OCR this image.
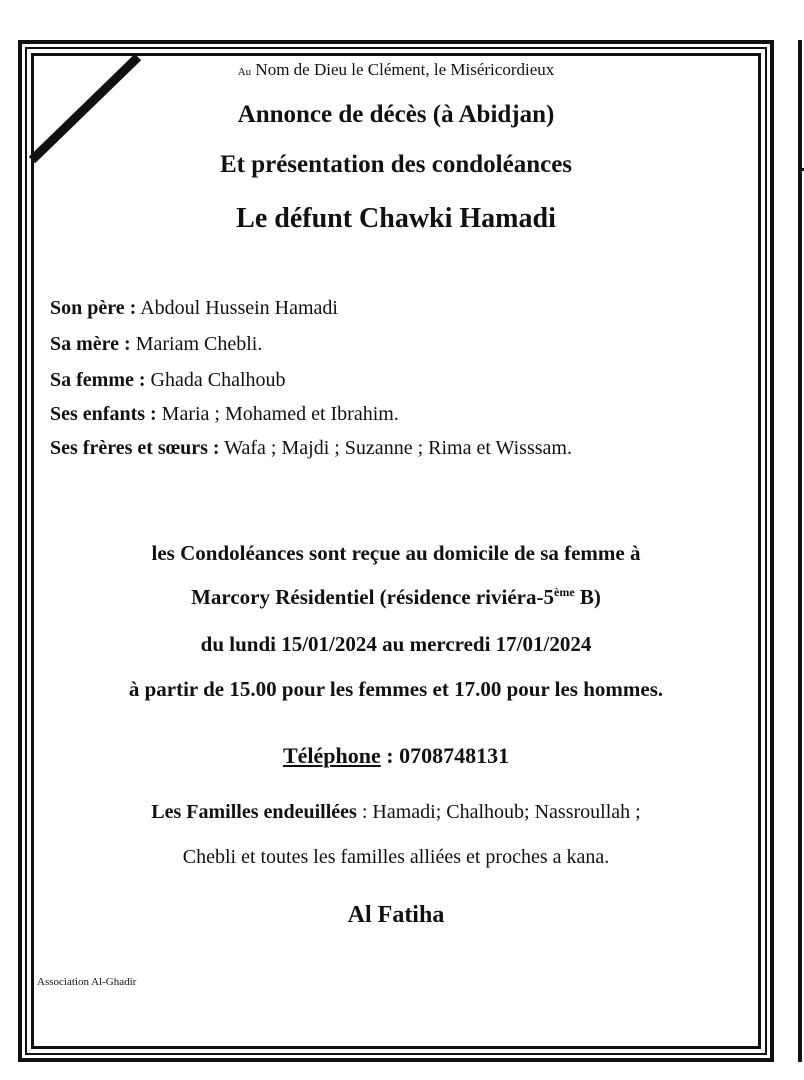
Au Nom de Dieu le Clément, le Miséricordieux
Annonce de décès (à Abidjan)
Et présentation des condoléances
Le défunt Chawki Hamadi
Son père : Abdoul Hussein Hamadi
Sa mère : Mariam Chebli.
Sa femme : Ghada Chalhoub
Ses enfants : Maria ; Mohamed et Ibrahim.
Ses frères et sœurs : Wafa ; Majdi ; Suzanne ; Rima et Wisssam.
les Condoléances sont reçue au domicile de sa femme à
Marcory Résidentiel (résidence riviéra-5ème B)
du lundi 15/01/2024 au mercredi 17/01/2024
à partir de 15.00 pour les femmes et 17.00 pour les hommes.
Téléphone : 0708748131
Les Familles endeuillées : Hamadi; Chalhoub; Nassroullah ;
Chebli et toutes les familles alliées et proches a kana.
Al Fatiha
Association Al-Ghadir
